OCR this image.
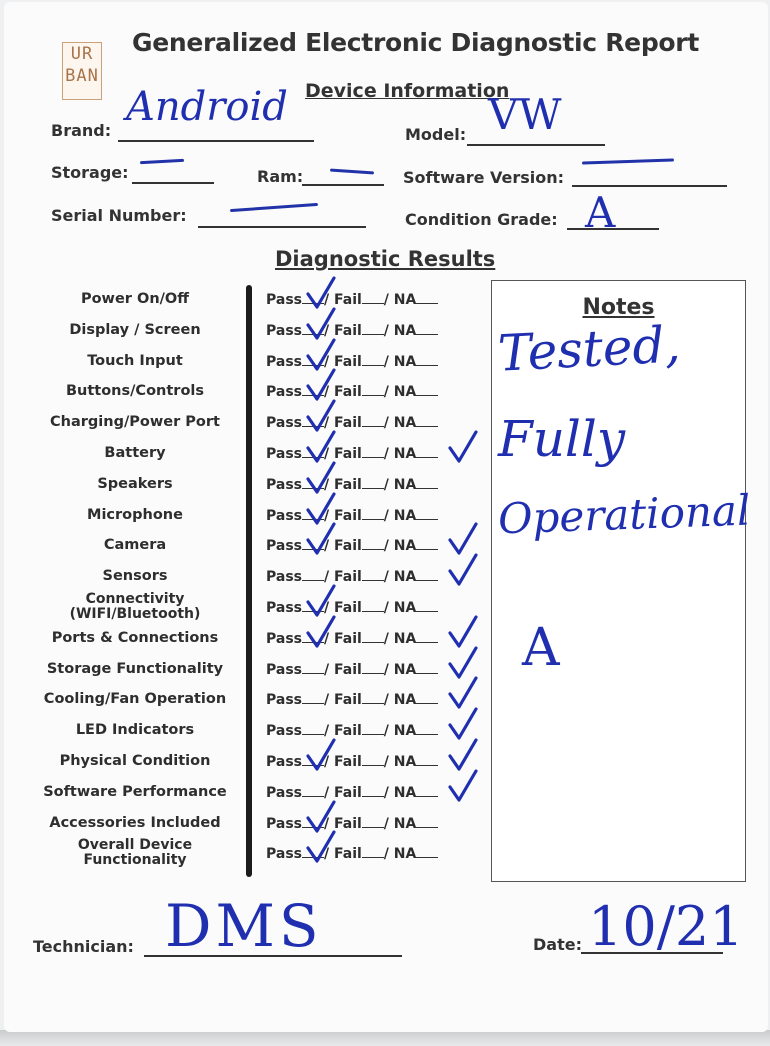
UR
BAN
Generalized Electronic Diagnostic Report
Device Information
Brand:
Android
Model: VW
Storage:	Ram:	Software Version:
Serial Number:	Condition Grade: A
Diagnostic Results
Power On/Off	Pass / Fail / NA
Display / Screen	Pass / Fail / NA
Touch Input	Pass / Fail / NA
Buttons/Controls	Pass / Fail / NA
Charging/Power Port	Pass / Fail / NA
Battery	Pass / Fail / NA
Speakers	Pass / Fail / NA
Microphone	Pass / Fail / NA
Camera	Pass / Fail / NA
Sensors	Pass / Fail / NA
Connectivity (WIFI/Bluetooth)	Pass / Fail / NA
Ports & Connections	Pass / Fail / NA
Storage Functionality	Pass / Fail / NA
Cooling/Fan Operation	Pass / Fail / NA
LED Indicators	Pass / Fail / NA
Physical Condition	Pass / Fail / NA
Software Performance	Pass / Fail / NA
Accessories Included	Pass / Fail / NA
Overall Device Functionality	Pass / Fail / NA
Notes
Tested,
Fully
Operational
A
Technician: DMS	Date: 10/21
